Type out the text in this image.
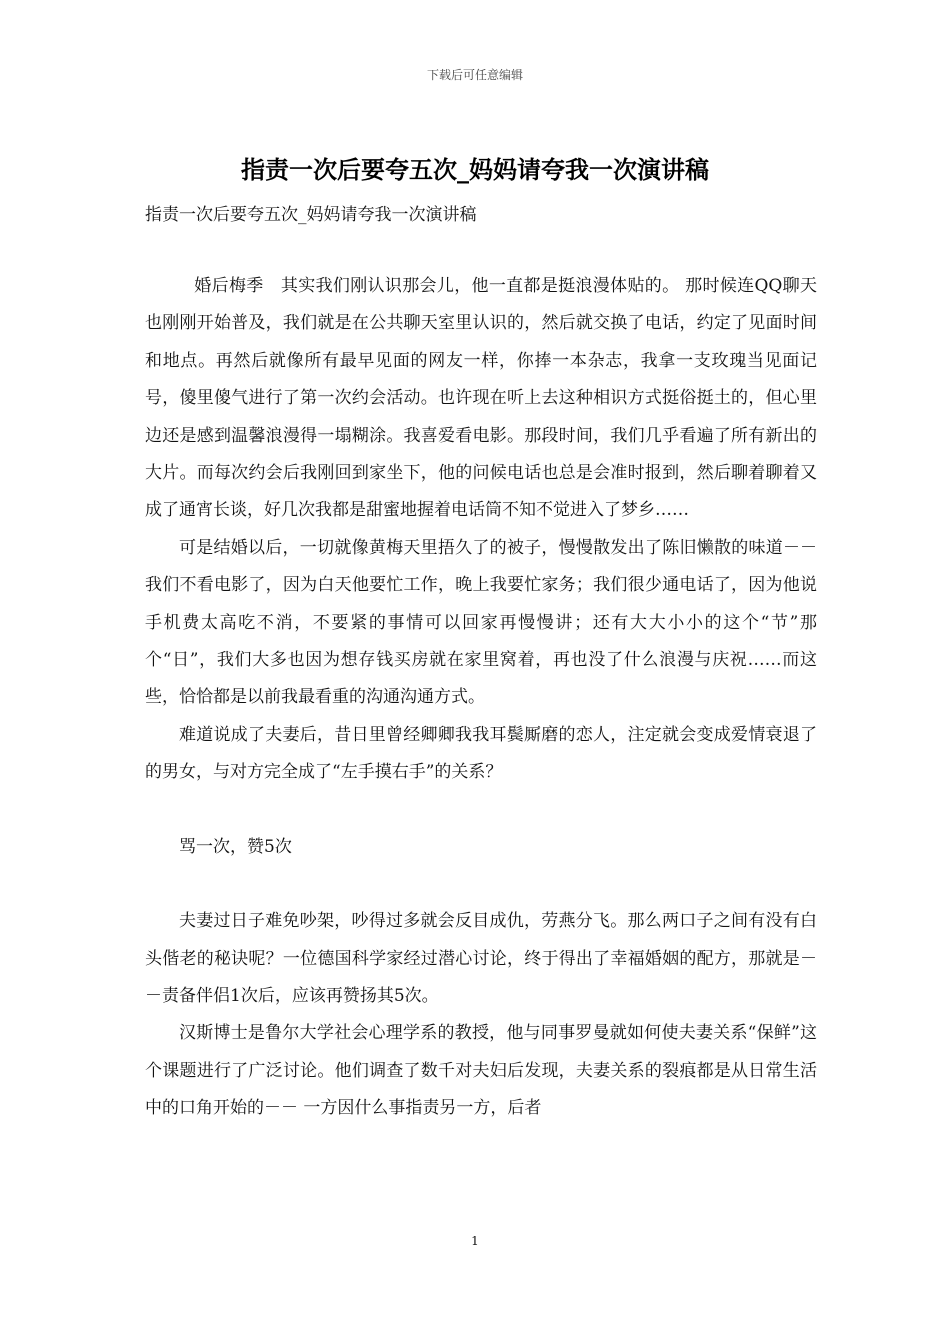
下载后可任意编辑
指责一次后要夸五次_妈妈请夸我一次演讲稿
指责一次后要夸五次_妈妈请夸我一次演讲稿

婚后梅季　其实我们刚认识那会儿，他一直都是挺浪漫体贴的。 那时候连QQ聊天也刚刚开始普及，我们就是在公共聊天室里认识的，然后就交换了电话，约定了见面时间和地点。再然后就像所有最早见面的网友一样，你捧一本杂志，我拿一支玫瑰当见面记号，傻里傻气进行了第一次约会活动。也许现在听上去这种相识方式挺俗挺土的，但心里边还是感到温馨浪漫得一塌糊涂。我喜爱看电影。那段时间，我们几乎看遍了所有新出的大片。而每次约会后我刚回到家坐下，他的问候电话也总是会准时报到，然后聊着聊着又成了通宵长谈，好几次我都是甜蜜地握着电话筒不知不觉进入了梦乡……

可是结婚以后，一切就像黄梅天里捂久了的被子，慢慢散发出了陈旧懒散的味道－－我们不看电影了，因为白天他要忙工作，晚上我要忙家务；我们很少通电话了，因为他说手机费太高吃不消，不要紧的事情可以回家再慢慢讲；还有大大小小的这个“节”那个“日”，我们大多也因为想存钱买房就在家里窝着，再也没了什么浪漫与庆祝……而这些，恰恰都是以前我最看重的沟通沟通方式。

难道说成了夫妻后，昔日里曾经卿卿我我耳鬓厮磨的恋人，注定就会变成爱情衰退了的男女，与对方完全成了“左手摸右手”的关系？

骂一次，赞5次

夫妻过日子难免吵架，吵得过多就会反目成仇，劳燕分飞。那么两口子之间有没有白头偕老的秘诀呢？一位德国科学家经过潜心讨论，终于得出了幸福婚姻的配方，那就是－－责备伴侣1次后，应该再赞扬其5次。

汉斯博士是鲁尔大学社会心理学系的教授，他与同事罗曼就如何使夫妻关系“保鲜”这个课题进行了广泛讨论。他们调查了数千对夫妇后发现，夫妻关系的裂痕都是从日常生活中的口角开始的－－ 一方因什么事指责另一方，后者

1
